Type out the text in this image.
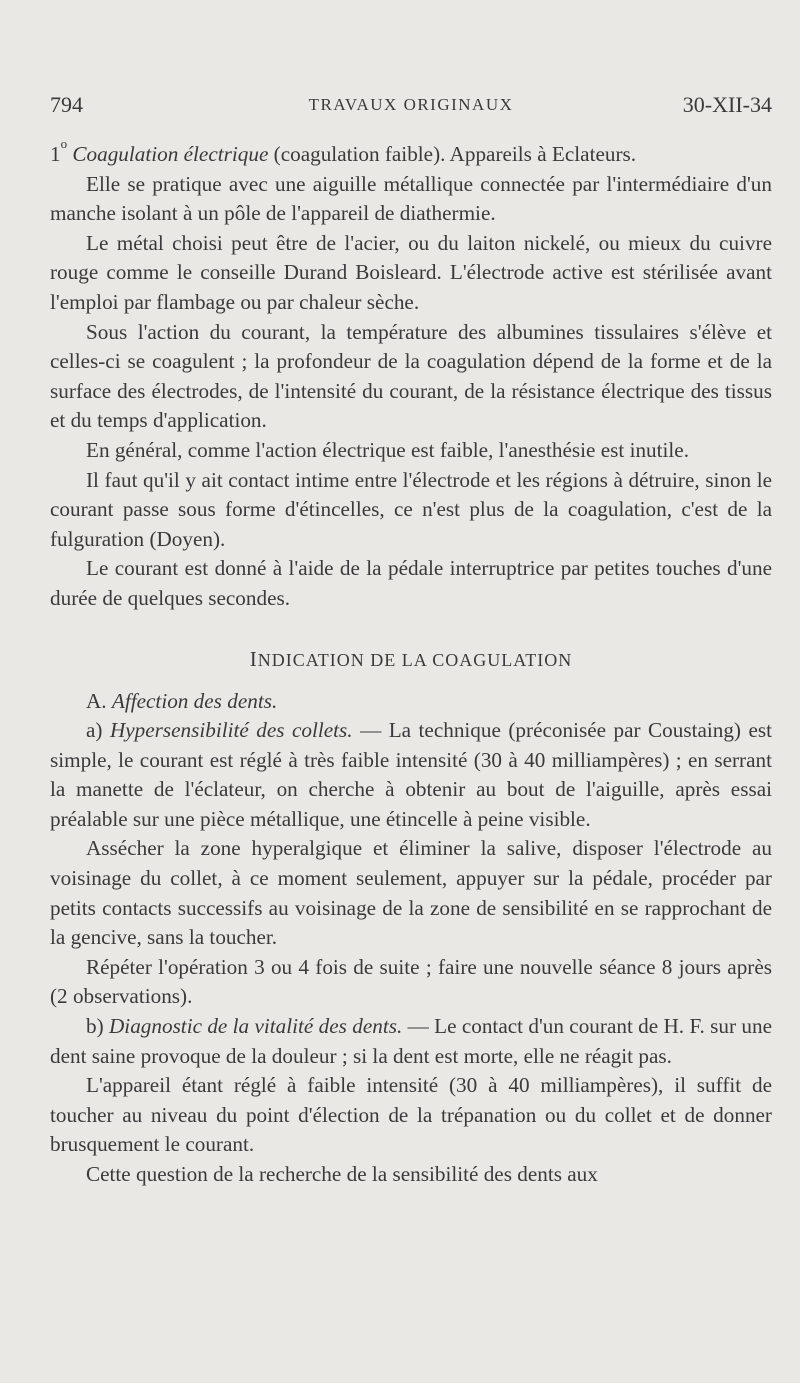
794	TRAVAUX ORIGINAUX	30-XII-34

1$^o$ Coagulation électrique (coagulation faible). Appareils à Eclateurs.

Elle se pratique avec une aiguille métallique connectée par l'intermédiaire d'un manche isolant à un pôle de l'appareil de diathermie.

Le métal choisi peut être de l'acier, ou du laiton nickelé, ou mieux du cuivre rouge comme le conseille Durand Boisleard. L'électrode active est stérilisée avant l'emploi par flambage ou par chaleur sèche.

Sous l'action du courant, la température des albumines tissulaires s'élève et celles-ci se coagulent ; la profondeur de la coagulation dépend de la forme et de la surface des électrodes, de l'intensité du courant, de la résistance électrique des tissus et du temps d'application.

En général, comme l'action électrique est faible, l'anesthésie est inutile.

Il faut qu'il y ait contact intime entre l'électrode et les régions à détruire, sinon le courant passe sous forme d'étincelles, ce n'est plus de la coagulation, c'est de la fulguration (Doyen).

Le courant est donné à l'aide de la pédale interruptrice par petites touches d'une durée de quelques secondes.

INDICATION DE LA COAGULATION

A. Affection des dents.

a) Hypersensibilité des collets. — La technique (préconisée par Coustaing) est simple, le courant est réglé à très faible intensité (30 à 40 milliampères) ; en serrant la manette de l'éclateur, on cherche à obtenir au bout de l'aiguille, après essai préalable sur une pièce métallique, une étincelle à peine visible.

Assécher la zone hyperalgique et éliminer la salive, disposer l'électrode au voisinage du collet, à ce moment seulement, appuyer sur la pédale, procéder par petits contacts successifs au voisinage de la zone de sensibilité en se rapprochant de la gencive, sans la toucher.

Répéter l'opération 3 ou 4 fois de suite ; faire une nouvelle séance 8 jours après (2 observations).

b) Diagnostic de la vitalité des dents. — Le contact d'un courant de H. F. sur une dent saine provoque de la douleur ; si la dent est morte, elle ne réagit pas.

L'appareil étant réglé à faible intensité (30 à 40 milliampères), il suffit de toucher au niveau du point d'élection de la trépanation ou du collet et de donner brusquement le courant.

Cette question de la recherche de la sensibilité des dents aux
